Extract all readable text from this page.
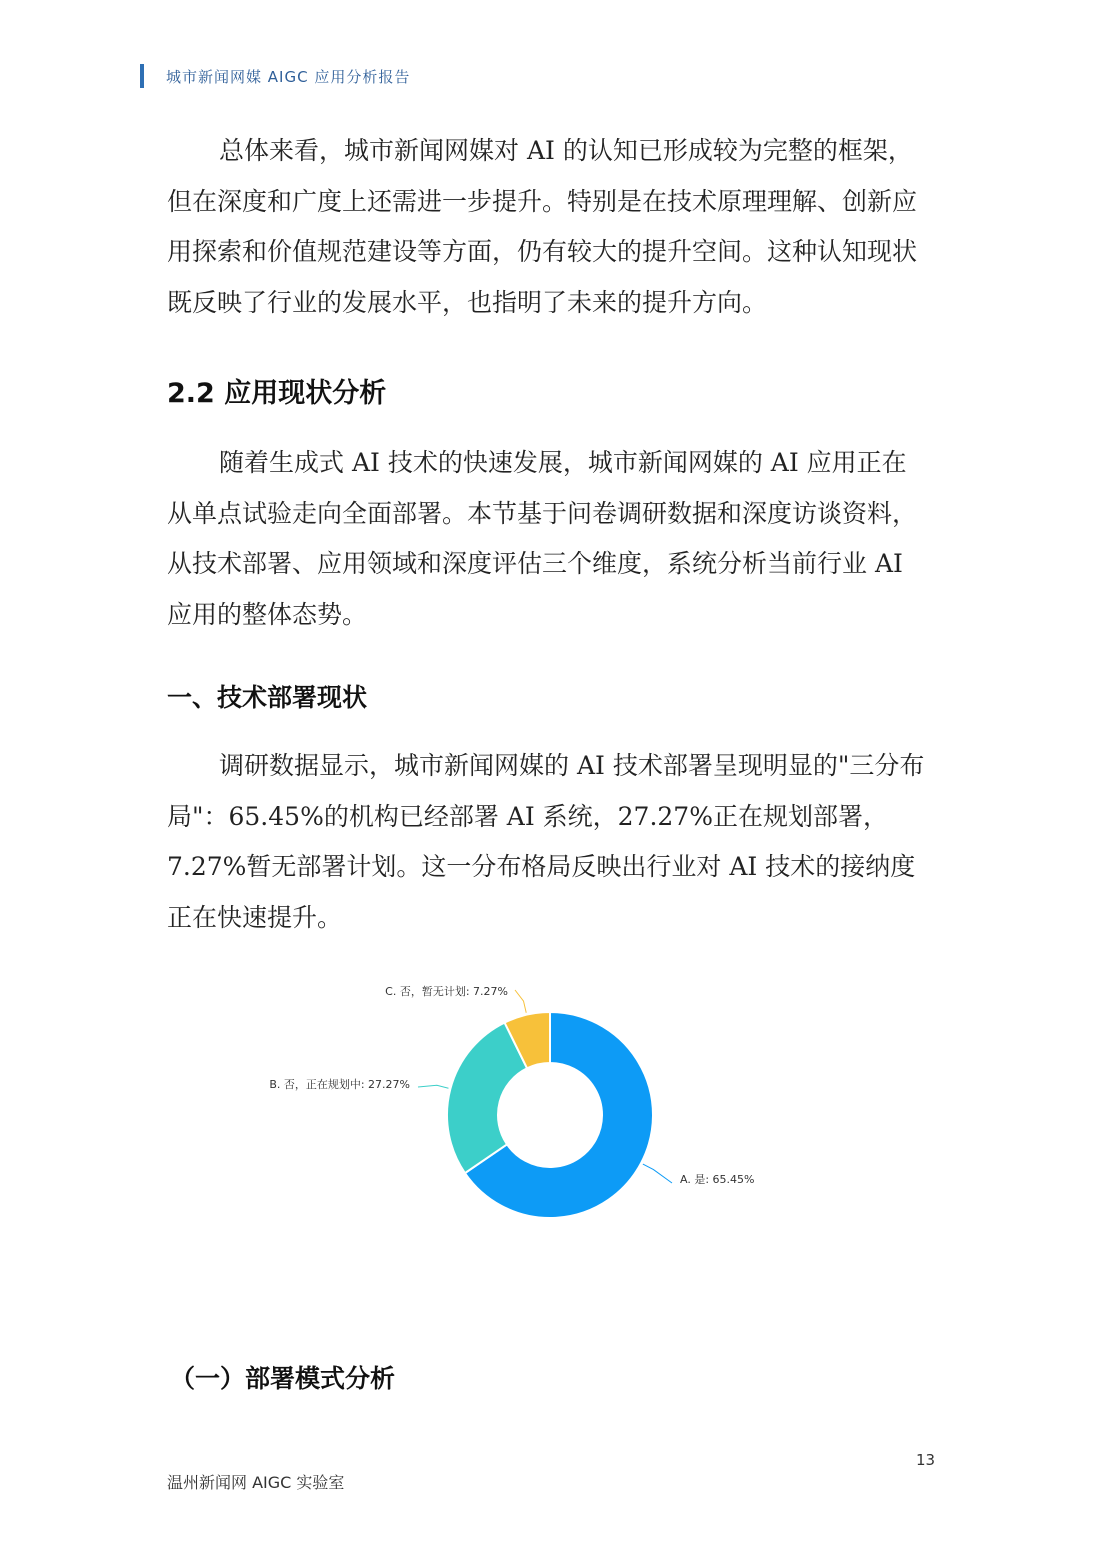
城市新闻网媒 AIGC 应用分析报告

总体来看，城市新闻网媒对 AI 的认知已形成较为完整的框架，但在深度和广度上还需进一步提升。特别是在技术原理理解、创新应用探索和价值规范建设等方面，仍有较大的提升空间。这种认知现状既反映了行业的发展水平，也指明了未来的提升方向。

2.2 应用现状分析

随着生成式 AI 技术的快速发展，城市新闻网媒的 AI 应用正在从单点试验走向全面部署。本节基于问卷调研数据和深度访谈资料，从技术部署、应用领域和深度评估三个维度，系统分析当前行业 AI 应用的整体态势。

一、技术部署现状

调研数据显示，城市新闻网媒的 AI 技术部署呈现明显的"三分布局"：65.45%的机构已经部署 AI 系统，27.27%正在规划部署，7.27%暂无部署计划。这一分布格局反映出行业对 AI 技术的接纳度正在快速提升。

A. 是: 65.45%
B. 否，正在规划中: 27.27%
C. 否，暂无计划: 7.27%
（一）部署模式分析
13
温州新闻网 AIGC 实验室
